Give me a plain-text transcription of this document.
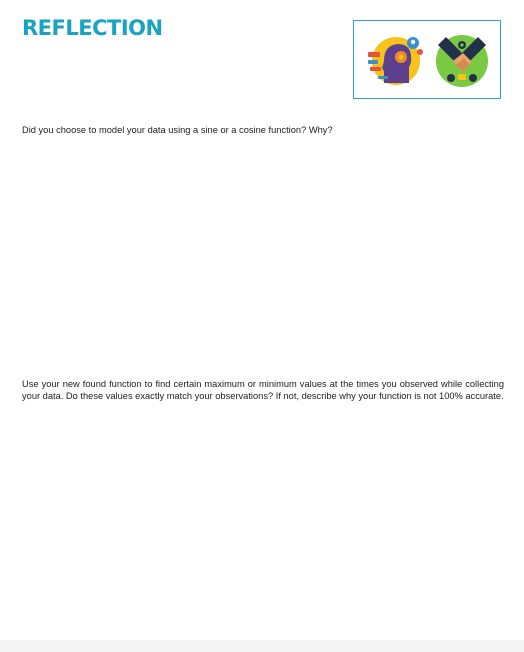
REFLECTION

Did you choose to model your data using a sine or a cosine function? Why?

Use your new found function to find certain maximum or minimum values at the times you observed while collecting your data. Do these values exactly match your observations? If not, describe why your function is not 100% accurate.
